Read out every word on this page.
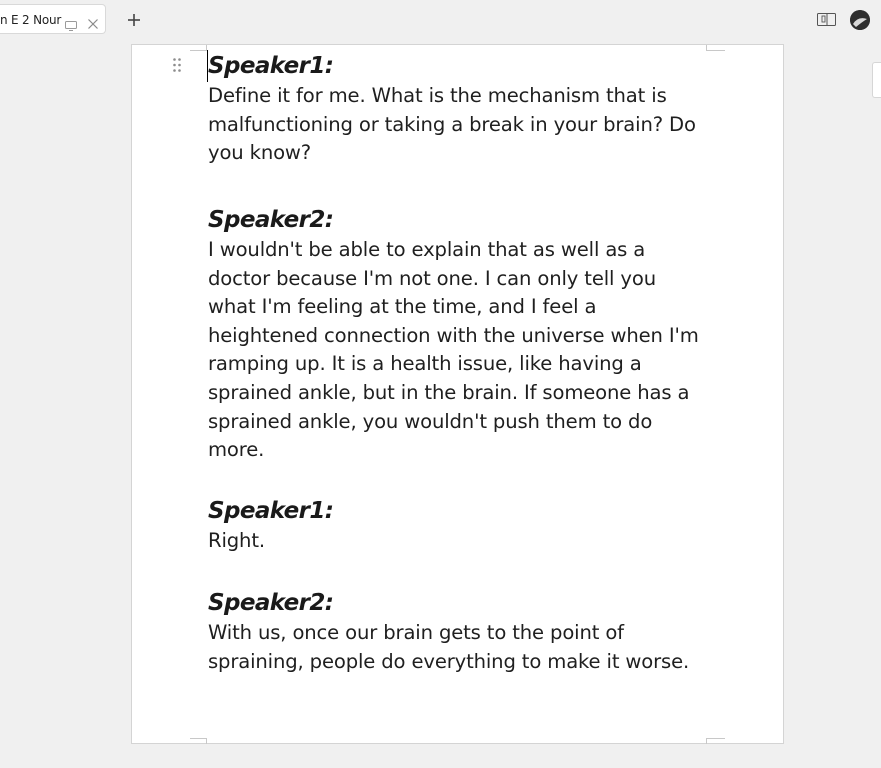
n E 2 Nour

Speaker1:

Define it for me. What is the mechanism that is malfunctioning or taking a break in your brain? Do you know?

Speaker2:

I wouldn't be able to explain that as well as a doctor because I'm not one. I can only tell you what I'm feeling at the time, and I feel a heightened connection with the universe when I'm ramping up. It is a health issue, like having a sprained ankle, but in the brain. If someone has a sprained ankle, you wouldn't push them to do more.

Speaker1:

Right.

Speaker2:

With us, once our brain gets to the point of spraining, people do everything to make it worse.
